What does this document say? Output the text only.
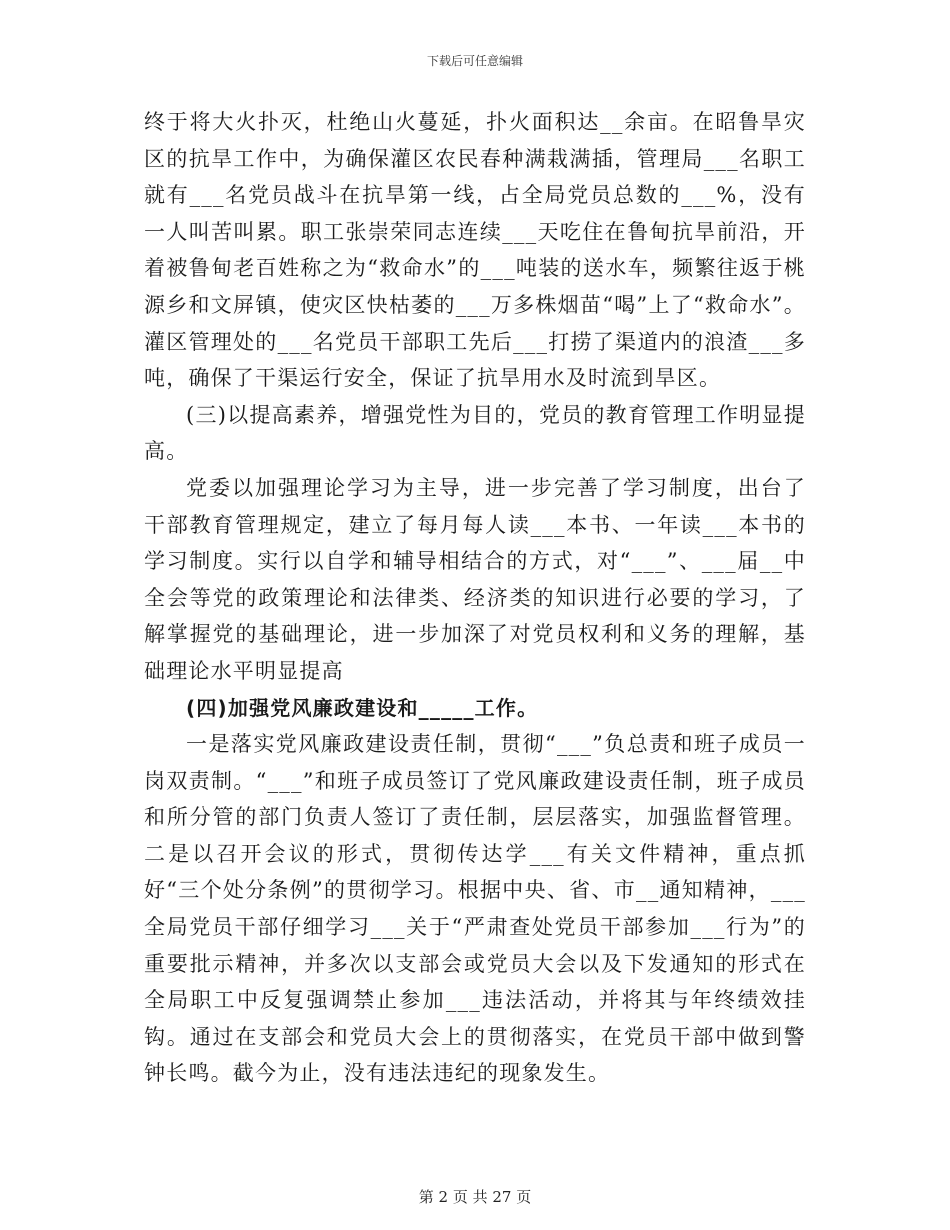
下载后可任意编辑

终于将大火扑灭，杜绝山火蔓延，扑火面积达__余亩。在昭鲁旱灾区的抗旱工作中，为确保灌区农民春种满栽满插，管理局___名职工就有___名党员战斗在抗旱第一线，占全局党员总数的___%，没有一人叫苦叫累。职工张崇荣同志连续___天吃住在鲁甸抗旱前沿，开着被鲁甸老百姓称之为“救命水”的___吨装的送水车，频繁往返于桃源乡和文屏镇，使灾区快枯萎的___万多株烟苗“喝”上了“救命水”。灌区管理处的___名党员干部职工先后___打捞了渠道内的浪渣___多吨，确保了干渠运行安全，保证了抗旱用水及时流到旱区。

(三)以提高素养，增强党性为目的，党员的教育管理工作明显提高。

党委以加强理论学习为主导，进一步完善了学习制度，出台了干部教育管理规定，建立了每月每人读___本书、一年读___本书的学习制度。实行以自学和辅导相结合的方式，对“___”、___届__中全会等党的政策理论和法律类、经济类的知识进行必要的学习，了解掌握党的基础理论，进一步加深了对党员权利和义务的理解，基础理论水平明显提高

(四)加强党风廉政建设和_____工作。

一是落实党风廉政建设责任制，贯彻“___”负总责和班子成员一岗双责制。“___”和班子成员签订了党风廉政建设责任制，班子成员和所分管的部门负责人签订了责任制，层层落实，加强监督管理。二是以召开会议的形式，贯彻传达学___有关文件精神，重点抓好“三个处分条例”的贯彻学习。根据中央、省、市__通知精神，___全局党员干部仔细学习___关于“严肃查处党员干部参加___行为”的重要批示精神，并多次以支部会或党员大会以及下发通知的形式在全局职工中反复强调禁止参加___违法活动，并将其与年终绩效挂钩。通过在支部会和党员大会上的贯彻落实，在党员干部中做到警钟长鸣。截今为止，没有违法违纪的现象发生。

第 2 页 共 27 页
